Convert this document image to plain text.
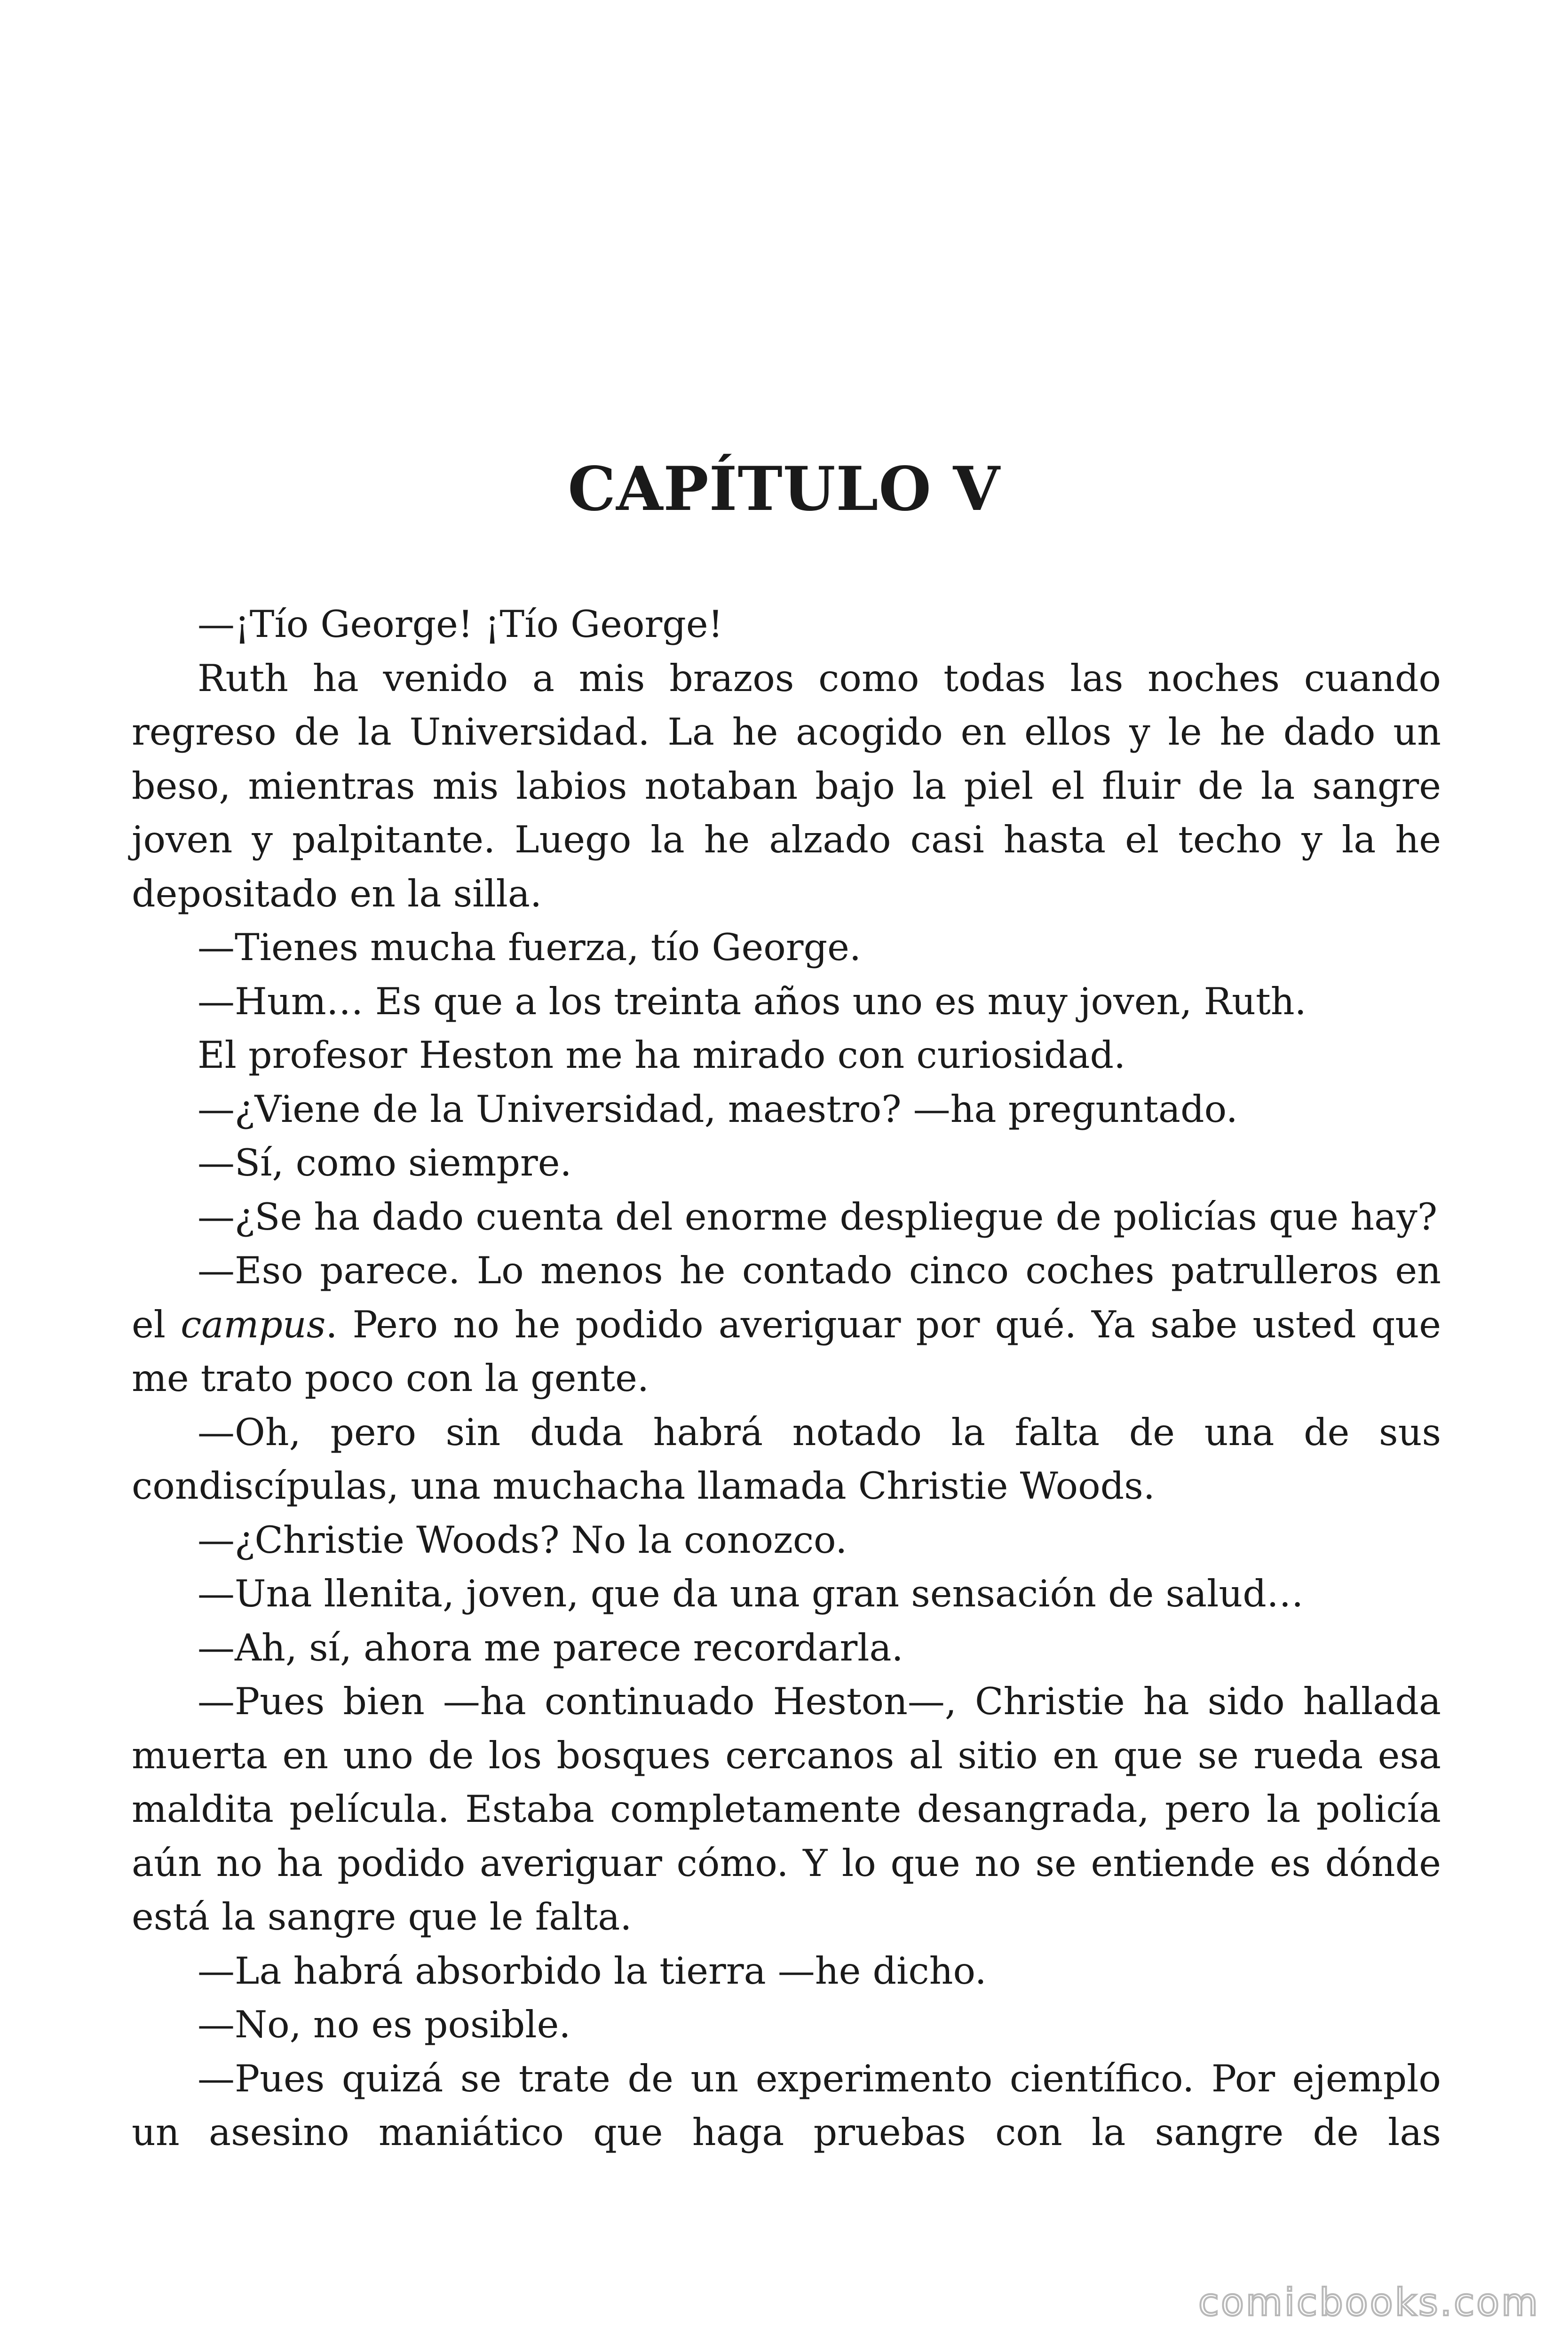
CAPÍTULO V

—¡Tío George! ¡Tío George!

Ruth ha venido a mis brazos como todas las noches cuando regreso de la Universidad. La he acogido en ellos y le he dado un beso, mientras mis labios notaban bajo la piel el fluir de la sangre joven y palpitante. Luego la he alzado casi hasta el techo y la he depositado en la silla.

—Tienes mucha fuerza, tío George.

—Hum… Es que a los treinta años uno es muy joven, Ruth.

El profesor Heston me ha mirado con curiosidad.

—¿Viene de la Universidad, maestro? —ha preguntado.

—Sí, como siempre.

—¿Se ha dado cuenta del enorme despliegue de policías que hay?

—Eso parece. Lo menos he contado cinco coches patrulleros en el campus. Pero no he podido averiguar por qué. Ya sabe usted que me trato poco con la gente.

—Oh, pero sin duda habrá notado la falta de una de sus condiscípulas, una muchacha llamada Christie Woods.

—¿Christie Woods? No la conozco.

—Una llenita, joven, que da una gran sensación de salud…

—Ah, sí, ahora me parece recordarla.

—Pues bien —ha continuado Heston—, Christie ha sido hallada muerta en uno de los bosques cercanos al sitio en que se rueda esa maldita película. Estaba completamente desangrada, pero la policía aún no ha podido averiguar cómo. Y lo que no se entiende es dónde está la sangre que le falta.

—La habrá absorbido la tierra —he dicho.

—No, no es posible.

—Pues quizá se trate de un experimento científico. Por ejemplo un asesino maniático que haga pruebas con la sangre de las

comicbooks.com
